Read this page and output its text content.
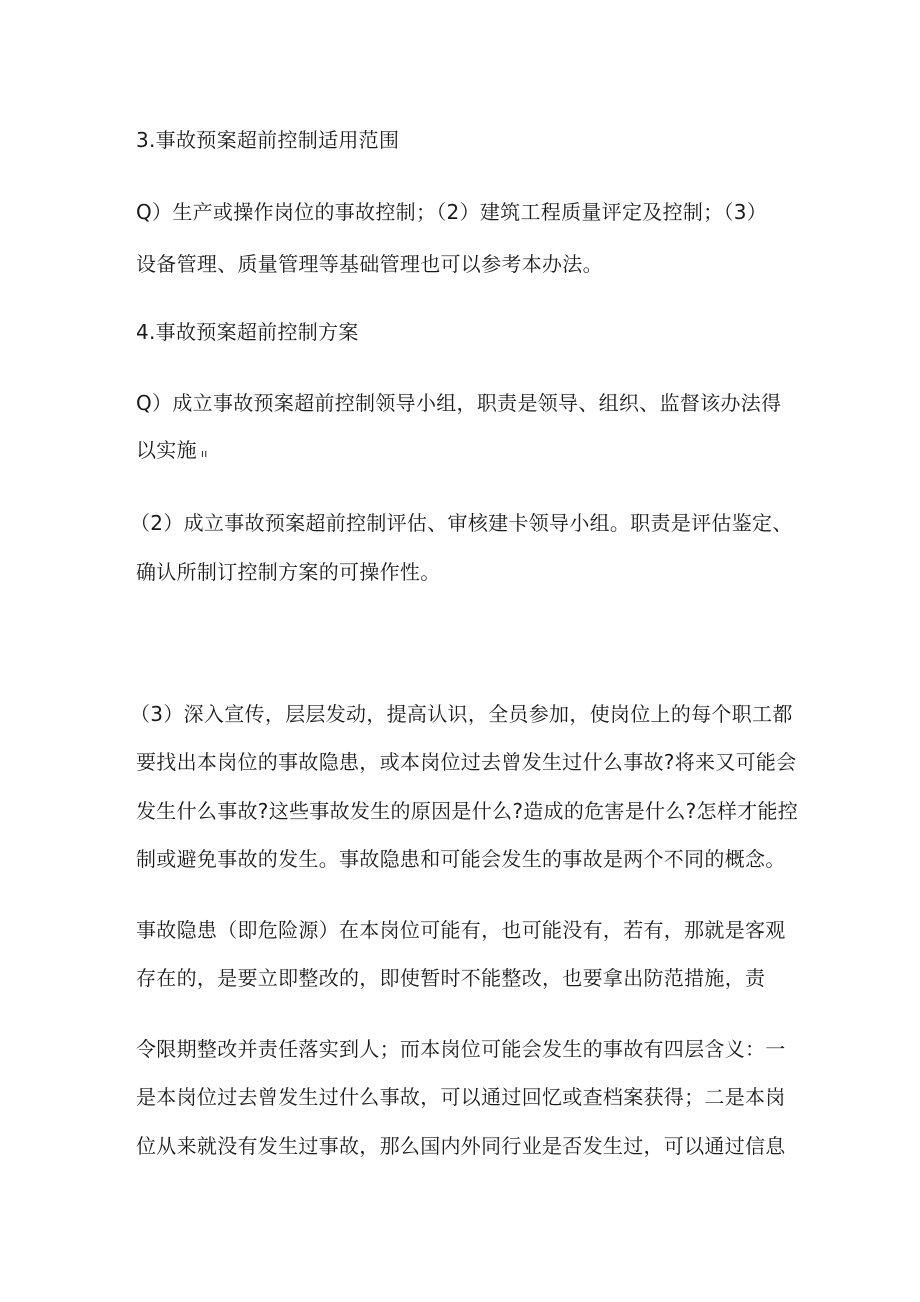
3.事故预案超前控制适用范围
Q）生产或操作岗位的事故控制；（2）建筑工程质量评定及控制；（3）
设备管理、质量管理等基础管理也可以参考本办法。
4.事故预案超前控制方案
Q）成立事故预案超前控制领导小组，职责是领导、组织、监督该办法得
以实施 ıı
（2）成立事故预案超前控制评估、审核建卡领导小组。职责是评估鉴定、
确认所制订控制方案的可操作性。
（3）深入宣传，层层发动，提高认识，全员参加，使岗位上的每个职工都
要找出本岗位的事故隐患，或本岗位过去曾发生过什么事故?将来又可能会
发生什么事故?这些事故发生的原因是什么?造成的危害是什么?怎样才能控
制或避免事故的发生。事故隐患和可能会发生的事故是两个不同的概念。
事故隐患（即危险源）在本岗位可能有，也可能没有，若有，那就是客观
存在的，是要立即整改的，即使暂时不能整改，也要拿出防范措施，责
令限期整改并责任落实到人；而本岗位可能会发生的事故有四层含义：一
是本岗位过去曾发生过什么事故，可以通过回忆或查档案获得；二是本岗
位从来就没有发生过事故，那么国内外同行业是否发生过，可以通过信息
